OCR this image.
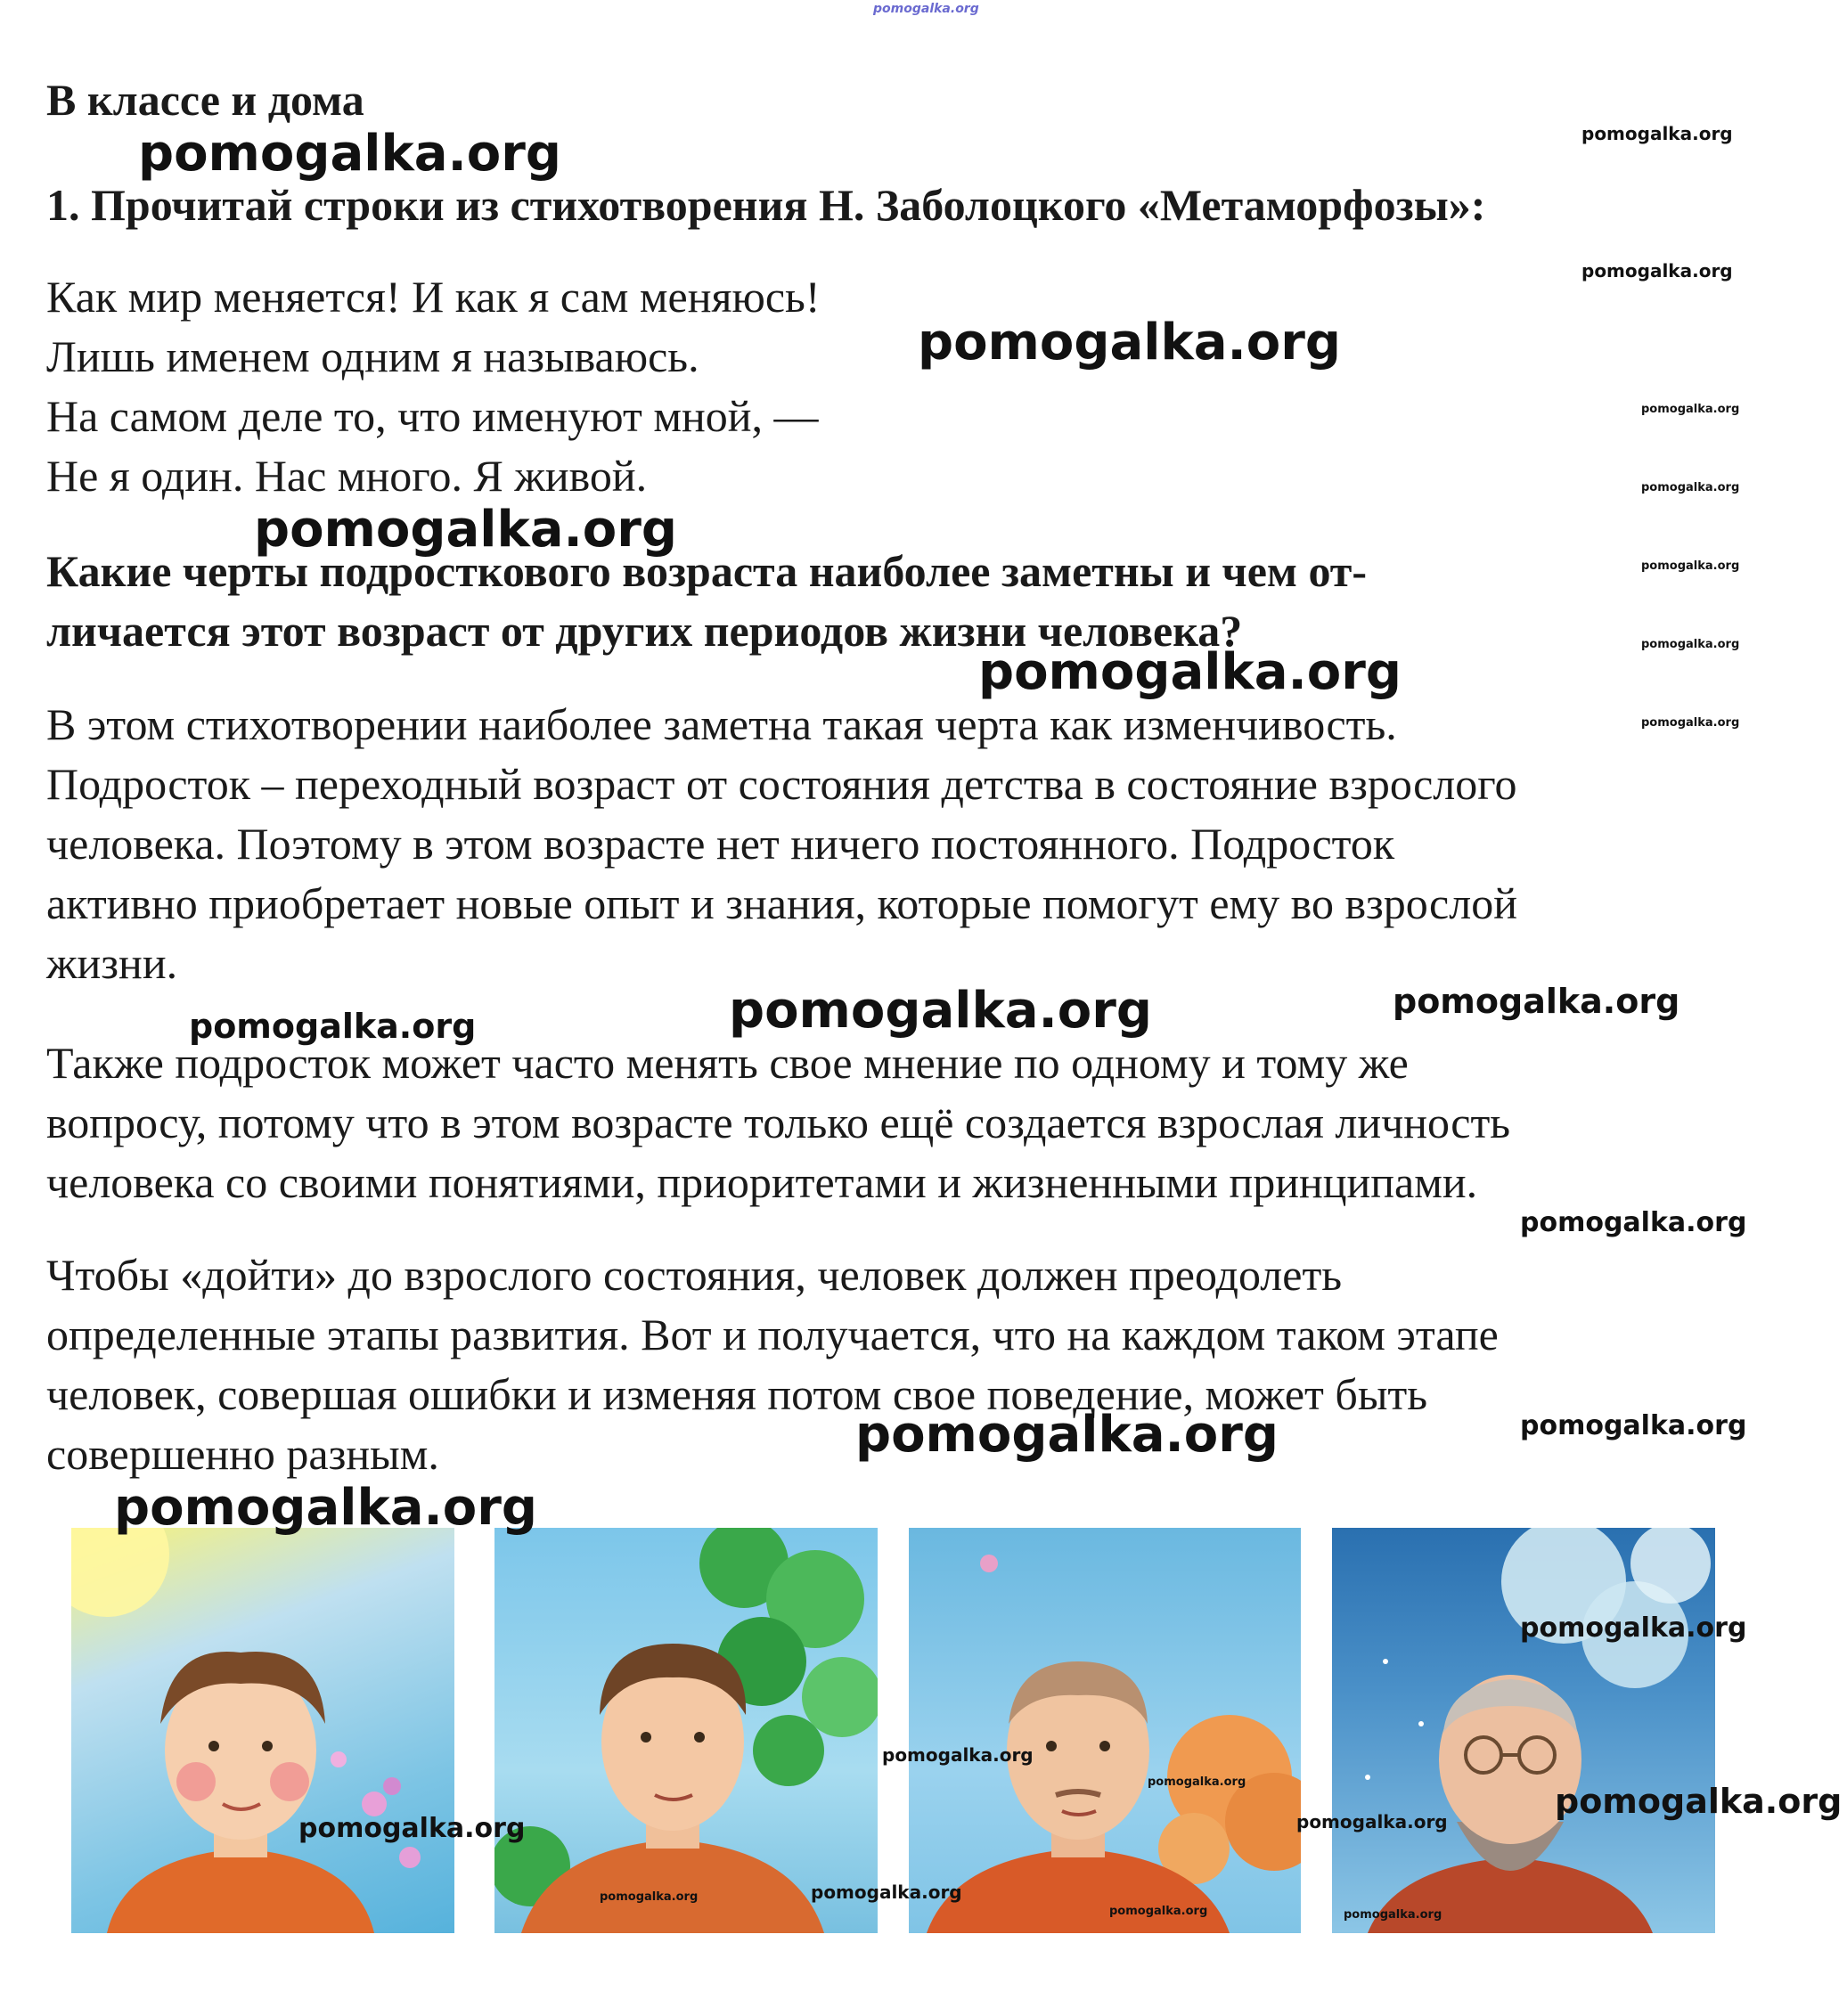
pomogalka.org
В классе и дома
1. Прочитай строки из стихотворения Н. Заболоцкого «Метаморфозы»:
Как мир меняется! И как я сам меняюсь!
Лишь именем одним я называюсь.
На самом деле то, что именуют мной, —
Не я один. Нас много. Я живой.
Какие черты подросткового возраста наиболее заметны и чем от-
личается этот возраст от других периодов жизни человека?
В этом стихотворении наиболее заметна такая черта как изменчивость.
Подросток – переходный возраст от состояния детства в состояние взрослого
человека. Поэтому в этом возрасте нет ничего постоянного. Подросток
активно приобретает новые опыт и знания, которые помогут ему во взрослой
жизни.
Также подросток может часто менять свое мнение по одному и тому же
вопросу, потому что в этом возрасте только ещё создается взрослая личность
человека со своими понятиями, приоритетами и жизненными принципами.
Чтобы «дойти» до взрослого состояния, человек должен преодолеть
определенные этапы развития. Вот и получается, что на каждом таком этапе
человек, совершая ошибки и изменяя потом свое поведение, может быть
совершенно разным.
pomogalka.org	pomogalka.org
pomogalka.org
pomogalka.org
pomogalka.org
pomogalka.org
pomogalka.org
pomogalka.org
pomogalka.org
pomogalka.org
pomogalka.org
pomogalka.org	pomogalka.org
pomogalka.org
pomogalka.org
pomogalka.org
pomogalka.org
pomogalka.org
pomogalka.org
pomogalka.org
pomogalka.org	pomogalka.org
pomogalka.org
pomogalka.org
pomogalka.org
pomogalka.org
pomogalka.org	pomogalka.org
